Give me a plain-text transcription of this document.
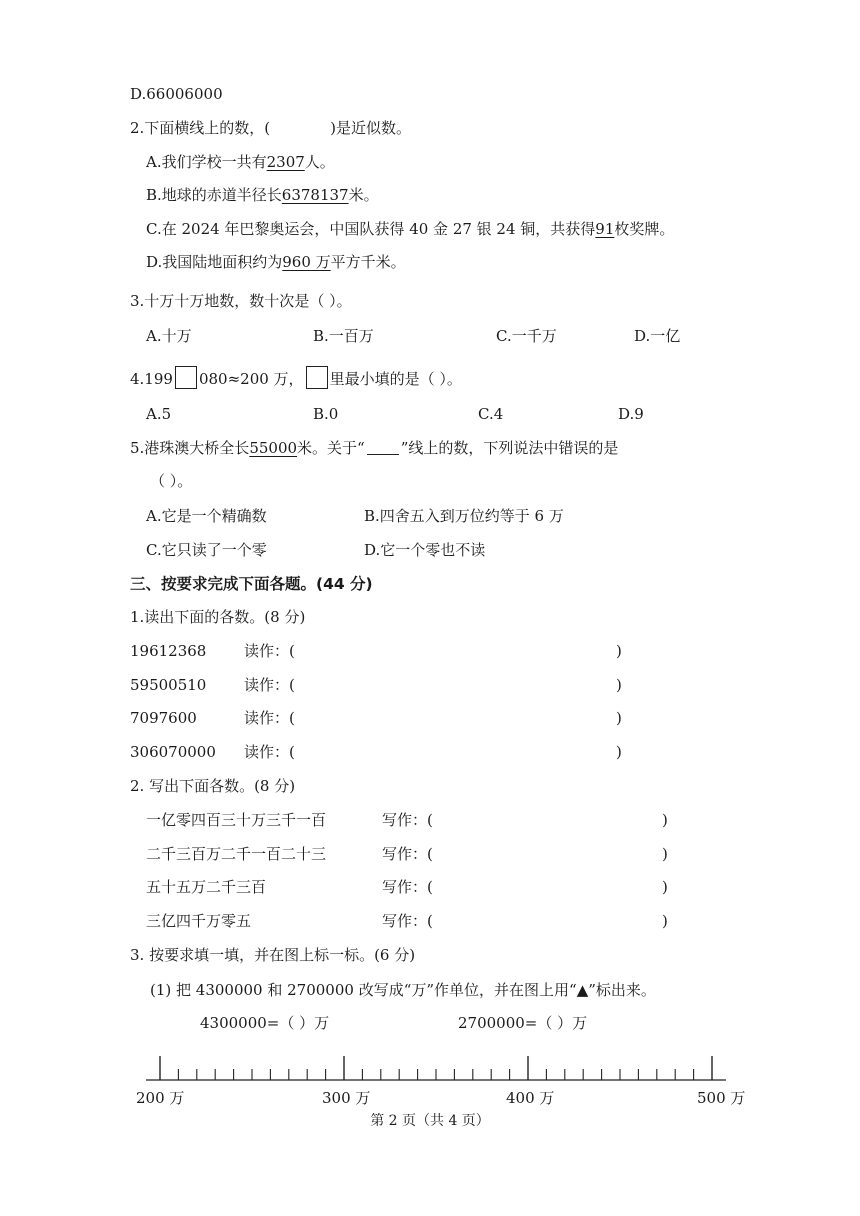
D.66006000
2.下面横线上的数，(	)是近似数。
A.我们学校一共有2307人。
B.地球的赤道半径长6378137米。
C.在 2024 年巴黎奥运会，中国队获得 40 金 27 银 24 铜，共获得91枚奖牌。
D.我国陆地面积约为960 万平方千米。
3.十万十万地数，数十次是（ ）。
A.十万	B.一百万	C.一千万	D.一亿
4.199 080≈200 万， 里最小填的是（ ）。
A.5	B.0	C.4	D.9
5.港珠澳大桥全长55000米。关于“ ”线上的数，下列说法中错误的是
（ ）。
A.它是一个精确数	B.四舍五入到万位约等于 6 万
C.它只读了一个零	D.它一个零也不读
三、按要求完成下面各题。(44 分)
1.读出下面的各数。(8 分)
19612368	读作：(	)
59500510	读作：(	)
7097600	读作：(	)
306070000 读作：(	)
2. 写出下面各数。(8 分)
一亿零四百三十万三千一百	写作：(	)
二千三百万二千一百二十三	写作：(	)
五十五万二千三百	写作：(	)
三亿四千万零五	写作：(	)
3. 按要求填一填，并在图上标一标。(6 分)
(1) 把 4300000 和 2700000 改写成“万”作单位，并在图上用“▲”标出来。
4300000=（ ）万	2700000=（ ）万
200 万	300 万	400 万	500 万
第 2 页（共 4 页）
